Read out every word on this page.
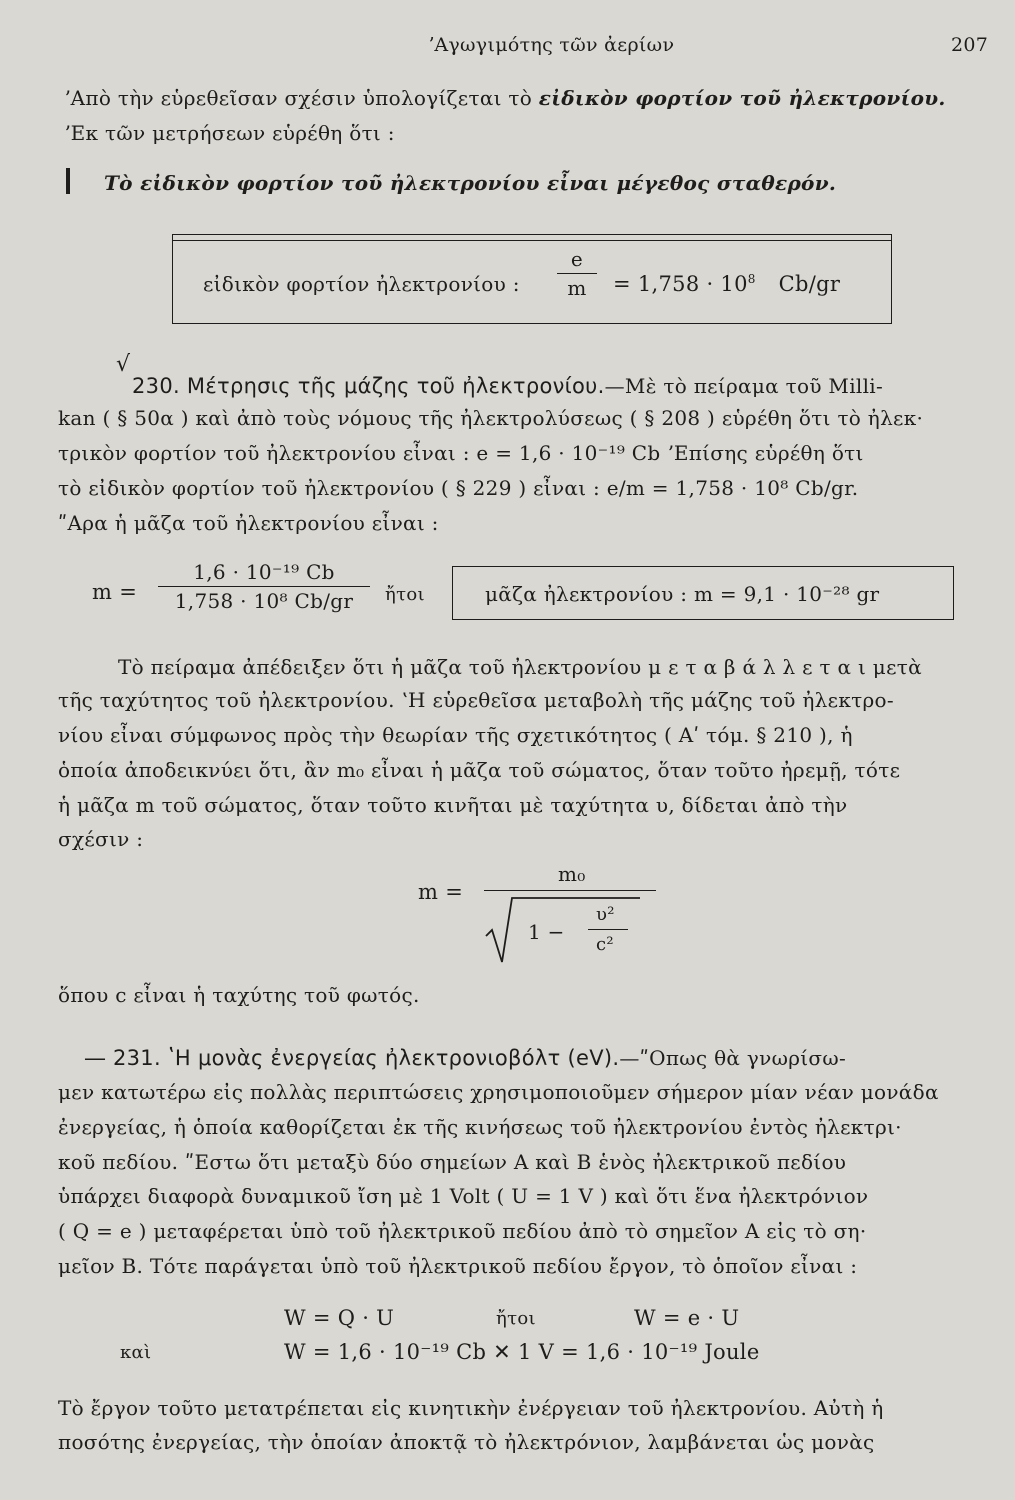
ʼΑγωγιμότης τῶν ἀερίων	207
ʼΑπὸ τὴν εὑρεθεῖσαν σχέσιν ὑπολογίζεται τὸ εἰδικὸν φορτίον τοῦ ἠλεκτρονίου.
ʼΕκ τῶν μετρήσεων εὑρέθη ὅτι :
Τὸ εἰδικὸν φορτίον τοῦ ἠλεκτρονίου εἶναι μέγεθος σταθερόν.
εἰδικὸν φορτίον ἠλεκτρονίου :
e
m	= $1,758 \cdot 10^8$ Cb/gr
√
230. Μέτρησις τῆς μάζης τοῦ ἠλεκτρονίου.—Μὲ τὸ πείραμα τοῦ Milli-
kan ( § 50α ) καὶ ἀπὸ τοὺς νόμους τῆς ἠλεκτρολύσεως ( § 208 ) εὑρέθη ὅτι τὸ ἠλεκ·
τρικὸν φορτίον τοῦ ἠλεκτρονίου εἶναι : e = 1,6 · 10⁻¹⁹ Cb ʼΕπίσης εὑρέθη ὅτι
τὸ εἰδικὸν φορτίον τοῦ ἠλεκτρονίου ( § 229 ) εἶναι : e/m = 1,758 · 10⁸ Cb/gr.
ʺΑρα ἡ μᾶζα τοῦ ἠλεκτρονίου εἶναι :
m =
1,6 · 10⁻¹⁹ Cb
1,758 · 10⁸ Cb/gr	ἤτοι	μᾶζα ἠλεκτρονίου : m = 9,1 · 10⁻²⁸ gr
Τὸ πείραμα ἀπέδειξεν ὅτι ἡ μᾶζα τοῦ ἠλεκτρονίου μ ε τ α β ά λ λ ε τ α ι μετὰ
τῆς ταχύτητος τοῦ ἠλεκτρονίου. ʽΗ εὑρεθεῖσα μεταβολὴ τῆς μάζης τοῦ ἠλεκτρο-
νίου εἶναι σύμφωνος πρὸς τὴν θεωρίαν τῆς σχετικότητος ( Αʹ τόμ. § 210 ), ἡ
ὁποία ἀποδεικνύει ὅτι, ἂν m₀ εἶναι ἡ μᾶζα τοῦ σώματος, ὅταν τοῦτο ἠρεμῇ, τότε
ἡ μᾶζα m τοῦ σώματος, ὅταν τοῦτο κινῆται μὲ ταχύτητα υ, δίδεται ἀπὸ τὴν
σχέσιν :
m =
m₀
1 −
υ²
c²
ὅπου c εἶναι ἡ ταχύτης τοῦ φωτός.
— 231. ʽΗ μονὰς ἐνεργείας ἠλεκτρονιοβόλτ (eV).—ʺΟπως θὰ γνωρίσω-
μεν κατωτέρω εἰς πολλὰς περιπτώσεις χρησιμοποιοῦμεν σήμερον μίαν νέαν μονάδα
ἐνεργείας, ἡ ὁποία καθορίζεται ἐκ τῆς κινήσεως τοῦ ἠλεκτρονίου ἐντὸς ἠλεκτρι·
κοῦ πεδίου. ʺΕστω ὅτι μεταξὺ δύο σημείων A καὶ B ἑνὸς ἠλεκτρικοῦ πεδίου
ὑπάρχει διαφορὰ δυναμικοῦ ἴση μὲ 1 Volt ( U = 1 V ) καὶ ὅτι ἕνα ἠλεκτρόνιον
( Q = e ) μεταφέρεται ὑπὸ τοῦ ἠλεκτρικοῦ πεδίου ἀπὸ τὸ σημεῖον A εἰς τὸ ση·
μεῖον B. Τότε παράγεται ὑπὸ τοῦ ἠλεκτρικοῦ πεδίου ἔργον, τὸ ὁποῖον εἶναι :
W = Q · U	ἤτοι	W = e · U
καὶ	W = 1,6 · 10⁻¹⁹ Cb ✕ 1 V = 1,6 · 10⁻¹⁹ Joule
Τὸ ἔργον τοῦτο μετατρέπεται εἰς κινητικὴν ἐνέργειαν τοῦ ἠλεκτρονίου. Αὐτὴ ἡ
ποσότης ἐνεργείας, τὴν ὁποίαν ἀποκτᾷ τὸ ἠλεκτρόνιον, λαμβάνεται ὡς μονὰς
